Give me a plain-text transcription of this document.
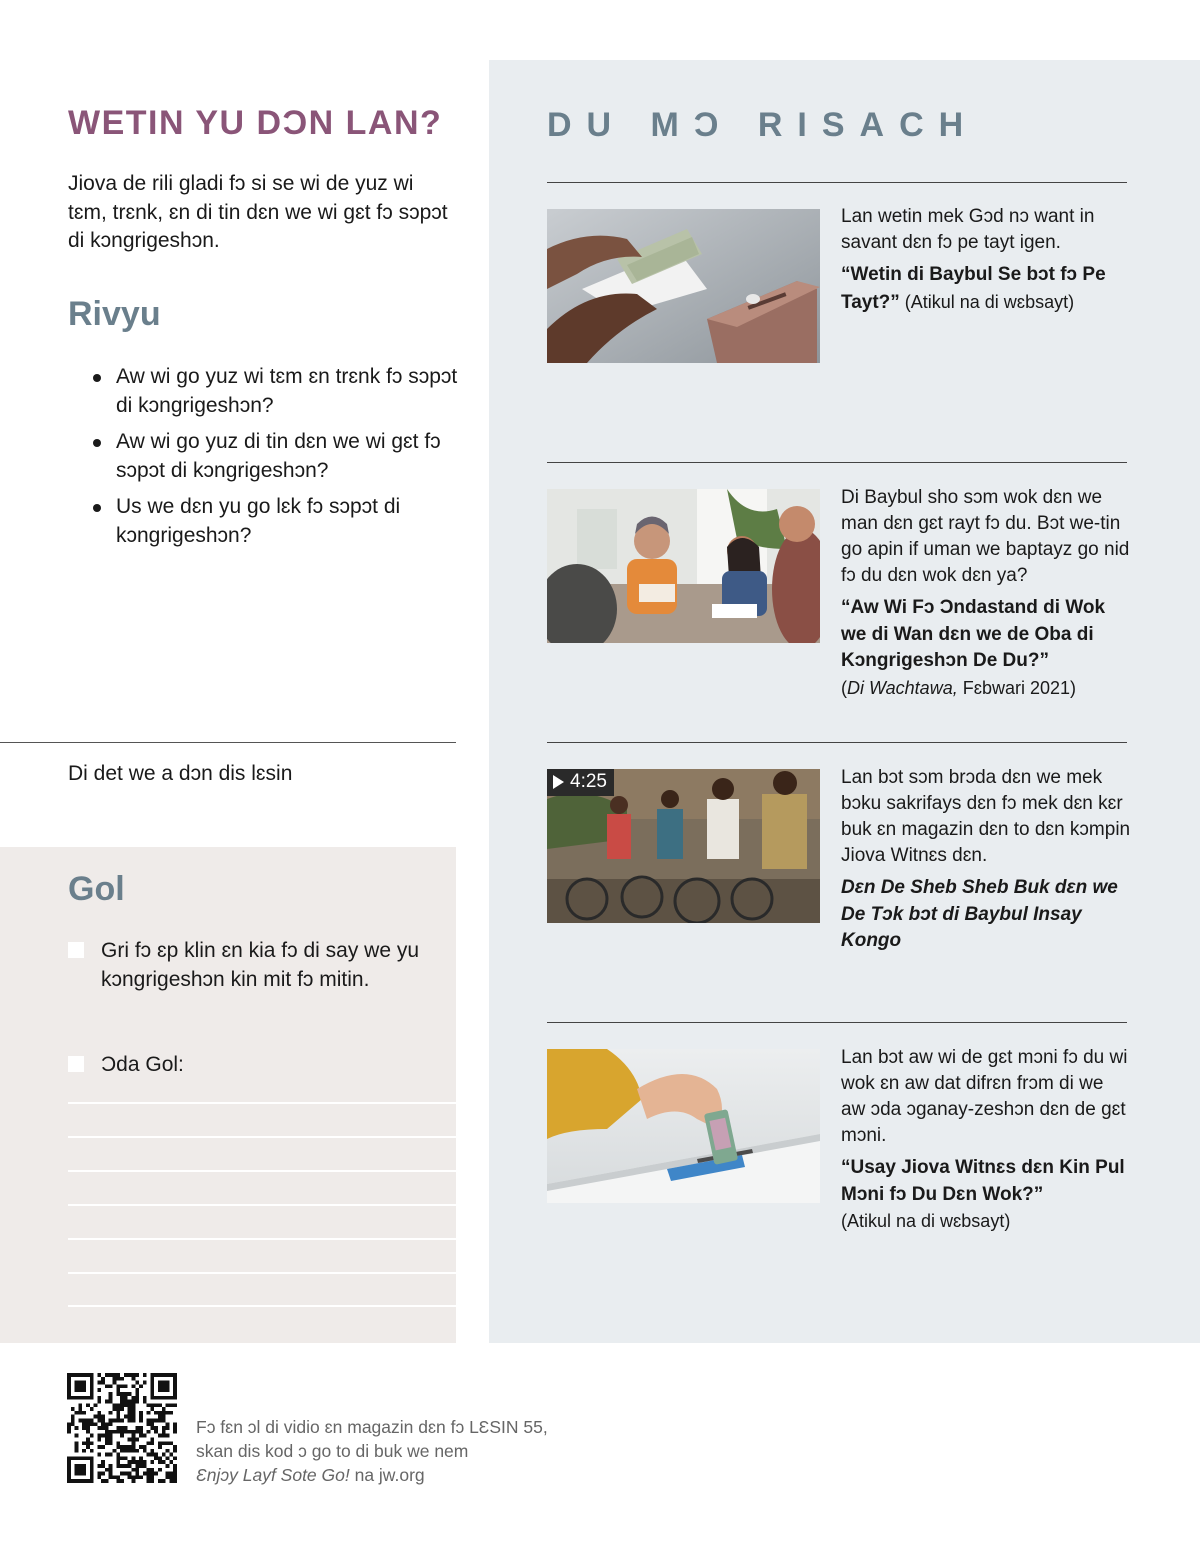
WETIN YU DƆN LAN?

Jiova de rili gladi fɔ si se wi de yuz wi tɛm, trɛnk, ɛn di tin dɛn we wi gɛt fɔ sɔpɔt di kɔngrigeshɔn.

Rivyu
Aw wi go yuz wi tɛm ɛn trɛnk fɔ sɔpɔt di kɔngrigeshɔn?
Aw wi go yuz di tin dɛn we wi gɛt fɔ sɔpɔt di kɔngrigeshɔn?
Us we dɛn yu go lɛk fɔ sɔpɔt di kɔngrigeshɔn?

Di det we a dɔn dis lɛsin

Gol
Gri fɔ ɛp klin ɛn kia fɔ di say we yu kɔngrigeshɔn kin mit fɔ mitin.
Ɔda Gol:
DU MƆ RISACH

Lan wetin mek Gɔd nɔ want in savant dɛn fɔ pe tayt igen.

“Wetin di Baybul Se bɔt fɔ Pe Tayt?” (Atikul na di wɛbsayt)

Di Baybul sho sɔm wok dɛn we man dɛn gɛt rayt fɔ du. Bɔt we-tin go apin if uman we baptayz go nid fɔ du dɛn wok dɛn ya?

“Aw Wi Fɔ Ɔndastand di Wok we di Wan dɛn we de Oba di Kɔngrigeshɔn De Du?”
(Di Wachtawa, Fɛbwari 2021)

4:25	Lan bɔt sɔm brɔda dɛn we mek bɔku sakrifays dɛn fɔ mek dɛn kɛr buk ɛn magazin dɛn to dɛn kɔmpin Jiova Witnɛs dɛn.

Dɛn De Sheb Sheb Buk dɛn we De Tɔk bɔt di Baybul Insay Kongo

Lan bɔt aw wi de gɛt mɔni fɔ du wi wok ɛn aw dat difrɛn frɔm di we aw ɔda ɔganay-zeshɔn dɛn de gɛt mɔni.

“Usay Jiova Witnɛs dɛn Kin Pul Mɔni fɔ Du Dɛn Wok?”
(Atikul na di wɛbsayt)

Fɔ fɛn ɔl di vidio ɛn magazin dɛn fɔ LƐSIN 55,
skan dis kod ɔ go to di buk we nem
Ɛnjɔy Layf Sote Go! na jw.org
